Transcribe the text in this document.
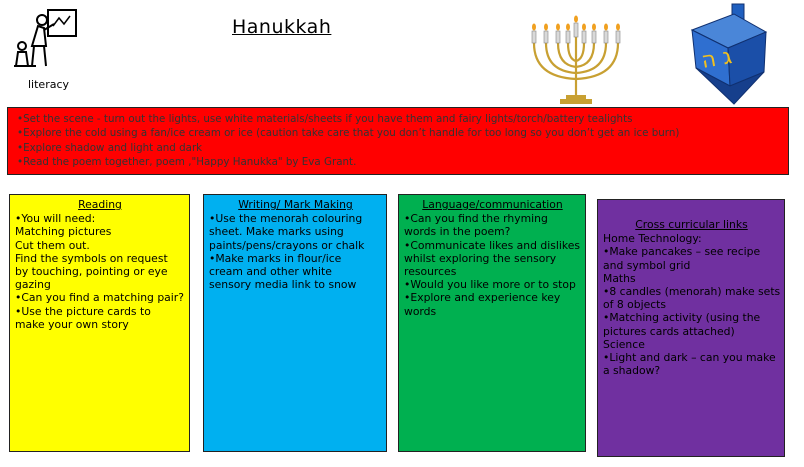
literacy
Hanukkah
ג ה
•Set the scene - turn out the lights, use white materials/sheets if you have them and fairy lights/torch/battery tealights
•Explore the cold using a fan/ice cream or ice (caution take care that you don’t handle for too long so you don’t get an ice burn)
•Explore shadow and light and dark
•Read the poem together, poem ,"Happy Hanukka" by Eva Grant.
Reading
•You will need:
Matching pictures
Cut them out.
Find the symbols on request
by touching, pointing or eye
gazing
•Can you find a matching pair?
•Use the picture cards to
make your own story
Writing/ Mark Making
•Use the menorah colouring
sheet. Make marks using
paints/pens/crayons or chalk
•Make marks in flour/ice
cream and other white
sensory media link to snow
Language/communication
•Can you find the rhyming
words in the poem?
•Communicate likes and dislikes
whilst exploring the sensory
resources
•Would you like more or to stop
•Explore and experience key
words
Cross curricular links
Home Technology:
•Make pancakes – see recipe
and symbol grid
Maths
•8 candles (menorah) make sets
of 8 objects
•Matching activity (using the
pictures cards attached)
Science
•Light and dark – can you make
a shadow?
